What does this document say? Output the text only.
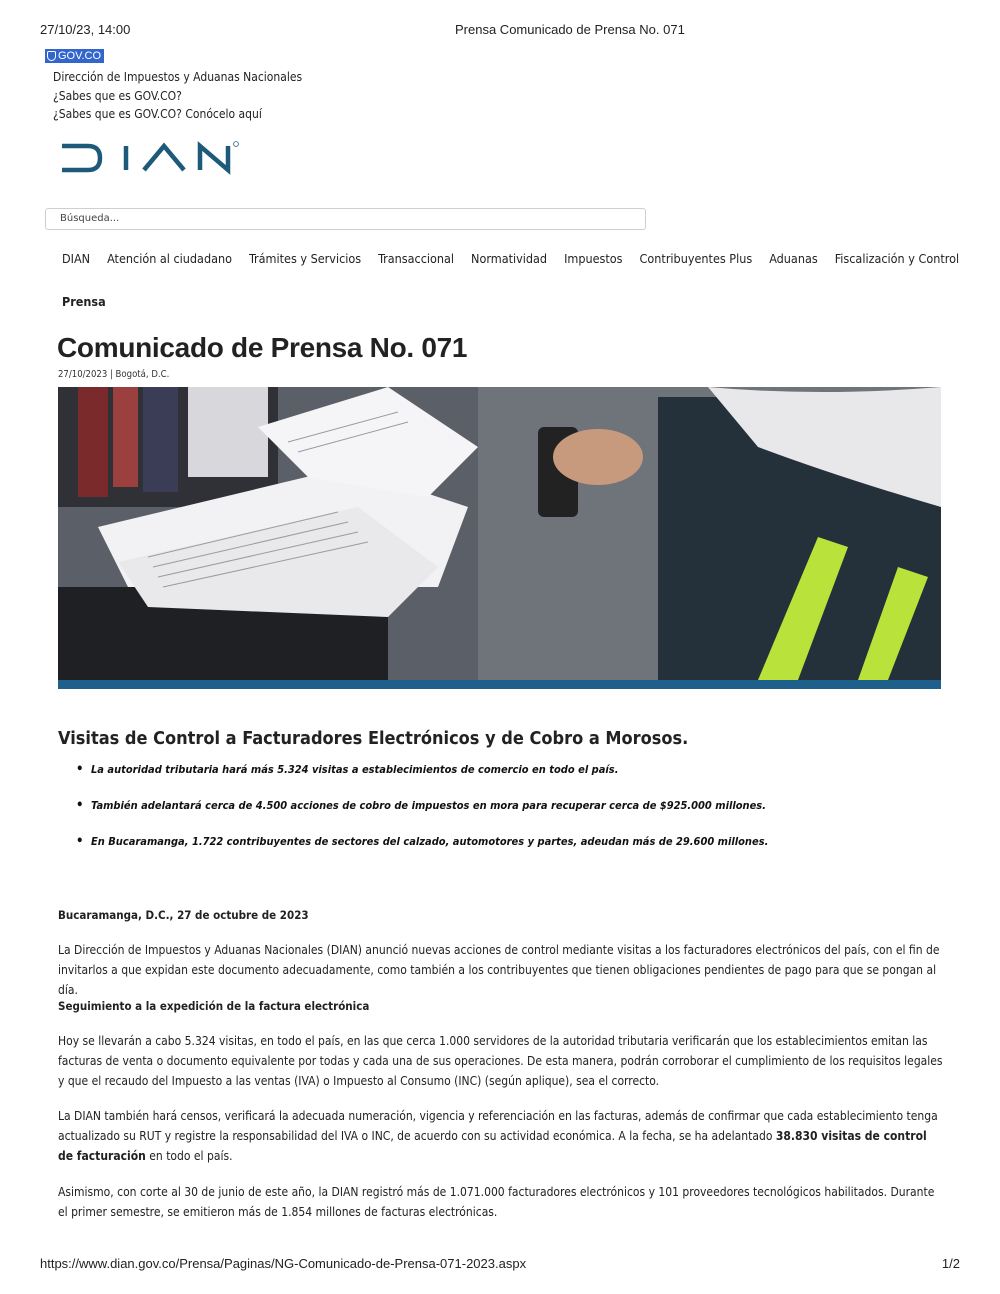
27/10/23, 14:00	Prensa Comunicado de Prensa No. 071
GOV.CO
Dirección de Impuestos y Aduanas Nacionales
¿Sabes que es GOV.CO?
¿Sabes que es GOV.CO? Conócelo aquí
Búsqueda...
DIAN Atención al ciudadano Trámites y Servicios Transaccional Normatividad Impuestos Contribuyentes Plus Aduanas Fiscalización y Control
Prensa
Comunicado de Prensa No. 071
27/10/2023 | Bogotá, D.C.
Visitas de Control a Facturadores Electrónicos y de Cobro a Morosos.
• La autoridad tributaria hará más 5.324 visitas a establecimientos de comercio en todo el país.
• También adelantará cerca de 4.500 acciones de cobro de impuestos en mora para recuperar cerca de $925.000 millones.
• En Bucaramanga, 1.722 contribuyentes de sectores del calzado, automotores y partes, adeudan más de 29.600 millones.
Bucaramanga, D.C., 27 de octubre de 2023

La Dirección de Impuestos y Aduanas Nacionales (DIAN) anunció nuevas acciones de control mediante visitas a los facturadores electrónicos del país, con el fin de invitarlos a que expidan este documento adecuadamente, como también a los contribuyentes que tienen obligaciones pendientes de pago para que se pongan al día.

Seguimiento a la expedición de la factura electrónica

Hoy se llevarán a cabo 5.324 visitas, en todo el país, en las que cerca 1.000 servidores de la autoridad tributaria verificarán que los establecimientos emitan las facturas de venta o documento equivalente por todas y cada una de sus operaciones. De esta manera, podrán corroborar el cumplimiento de los requisitos legales y que el recaudo del Impuesto a las ventas (IVA) o Impuesto al Consumo (INC) (según aplique), sea el correcto.

La DIAN también hará censos, verificará la adecuada numeración, vigencia y referenciación en las facturas, además de confirmar que cada establecimiento tenga actualizado su RUT y registre la responsabilidad del IVA o INC, de acuerdo con su actividad económica. A la fecha, se ha adelantado 38.830 visitas de control de facturación en todo el país.

Asimismo, con corte al 30 de junio de este año, la DIAN registró más de 1.071.000 facturadores electrónicos y 101 proveedores tecnológicos habilitados. Durante el primer semestre, se emitieron más de 1.854 millones de facturas electrónicas.

https://www.dian.gov.co/Prensa/Paginas/NG-Comunicado-de-Prensa-071-2023.aspx	1/2
